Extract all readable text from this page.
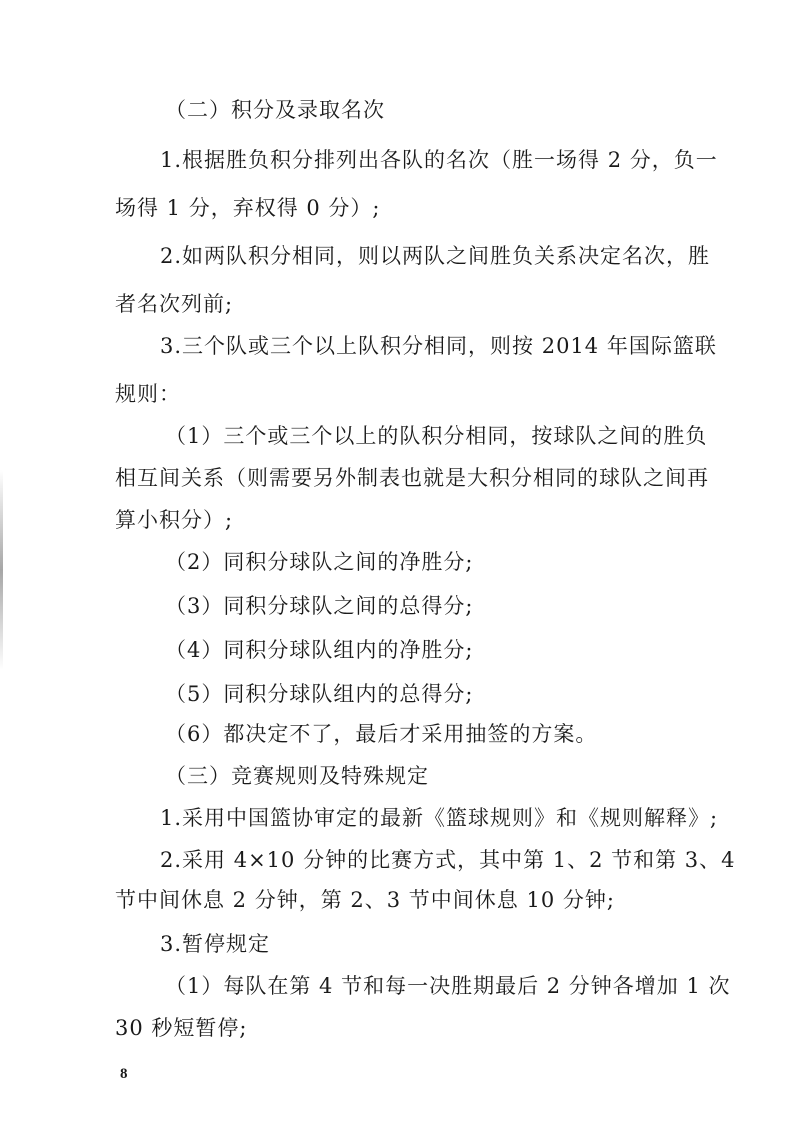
（二）积分及录取名次
1.根据胜负积分排列出各队的名次（胜一场得 2 分，负一
场得 1 分，弃权得 0 分）;
2.如两队积分相同，则以两队之间胜负关系决定名次，胜
者名次列前;
3.三个队或三个以上队积分相同，则按 2014 年国际篮联
规则：
（1）三个或三个以上的队积分相同，按球队之间的胜负
相互间关系（则需要另外制表也就是大积分相同的球队之间再
算小积分）;
（2）同积分球队之间的净胜分;
（3）同积分球队之间的总得分;
（4）同积分球队组内的净胜分;
（5）同积分球队组内的总得分;
（6）都决定不了，最后才采用抽签的方案。
（三）竞赛规则及特殊规定
1.采用中国篮协审定的最新《篮球规则》和《规则解释》;
2.采用 4×10 分钟的比赛方式，其中第 1、2 节和第 3、4
节中间休息 2 分钟，第 2、3 节中间休息 10 分钟;
3.暂停规定
（1）每队在第 4 节和每一决胜期最后 2 分钟各增加 1 次
30 秒短暂停;
8
